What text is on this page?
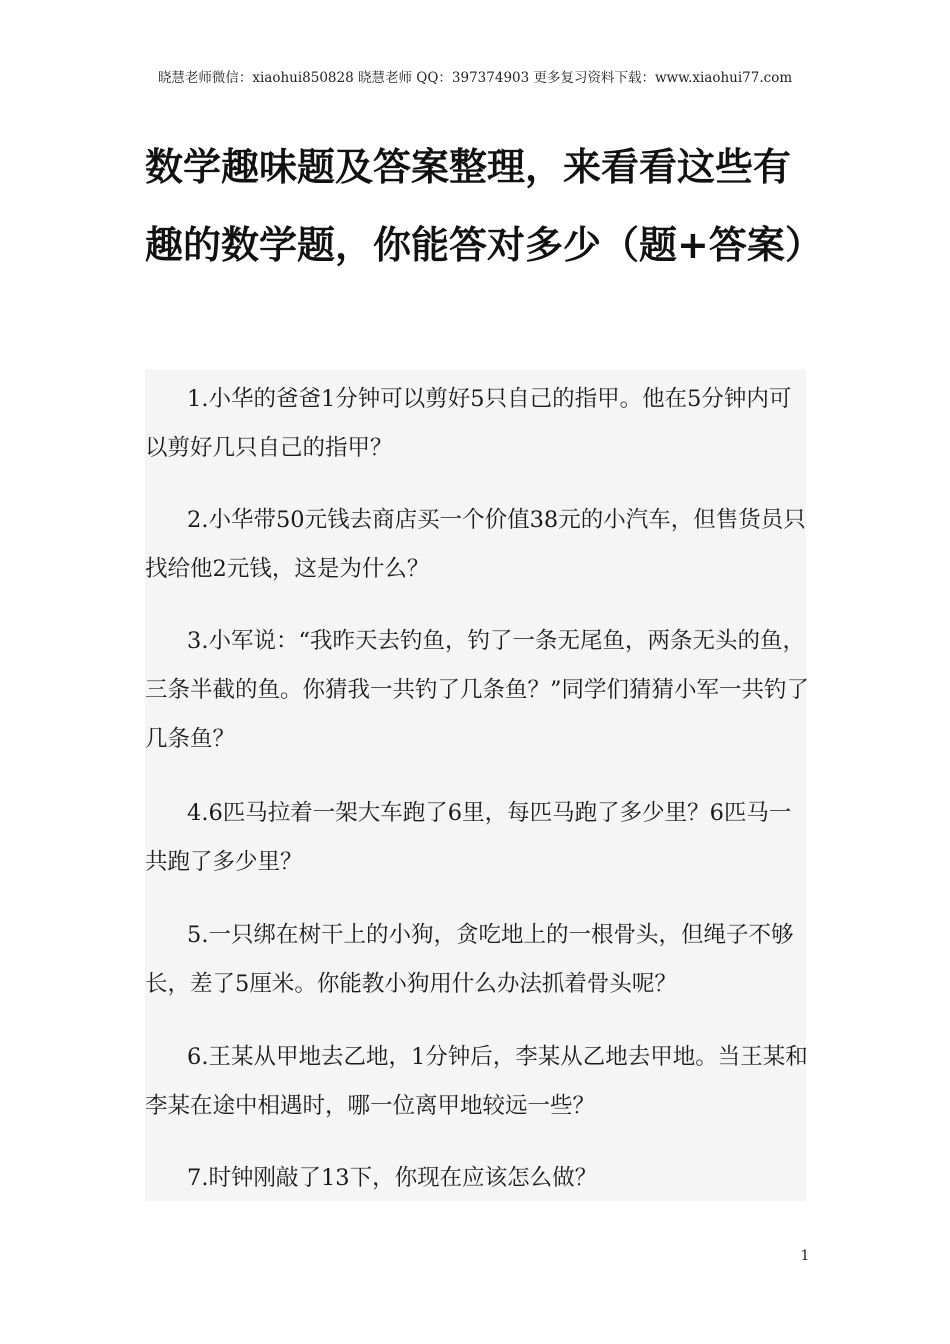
晓慧老师微信：xiaohui850828 晓慧老师 QQ：397374903 更多复习资料下载：www.xiaohui77.com
数学趣味题及答案整理，来看看这些有趣的数学题，你能答对多少（题+答案）

1.小华的爸爸1分钟可以剪好5只自己的指甲。他在5分钟内可以剪好几只自己的指甲？

2.小华带50元钱去商店买一个价值38元的小汽车，但售货员只找给他2元钱，这是为什么？

3.小军说：“我昨天去钓鱼，钓了一条无尾鱼，两条无头的鱼，三条半截的鱼。你猜我一共钓了几条鱼？”同学们猜猜小军一共钓了几条鱼？

4.6匹马拉着一架大车跑了6里，每匹马跑了多少里？6匹马一共跑了多少里？

5.一只绑在树干上的小狗，贪吃地上的一根骨头，但绳子不够长，差了5厘米。你能教小狗用什么办法抓着骨头呢？

6.王某从甲地去乙地，1分钟后，李某从乙地去甲地。当王某和李某在途中相遇时，哪一位离甲地较远一些？

7.时钟刚敲了13下，你现在应该怎么做？

1
